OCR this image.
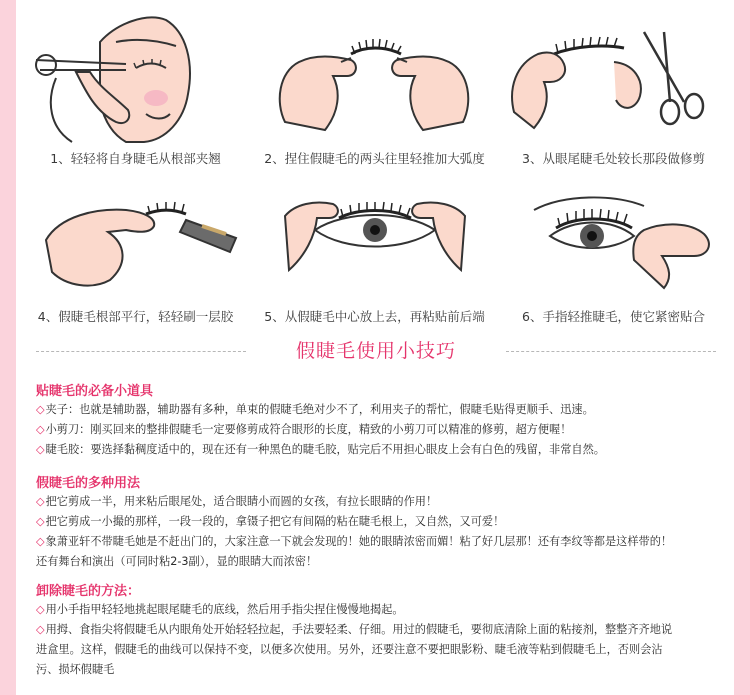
1、轻轻将自身睫毛从根部夹翘	2、捏住假睫毛的两头往里轻推加大弧度	3、从眼尾睫毛处较长那段做修剪
4、假睫毛根部平行，轻轻刷一层胶	5、从假睫毛中心放上去，再粘贴前后端	6、手指轻推睫毛，使它紧密贴合
假睫毛使用小技巧
贴睫毛的必备小道具
◇夹子：也就是辅助器，辅助器有多种，单束的假睫毛绝对少不了，利用夹子的帮忙，假睫毛贴得更顺手、迅速。
◇小剪刀：刚买回来的整排假睫毛一定要修剪成符合眼形的长度，精致的小剪刀可以精准的修剪，超方便喔！
◇睫毛胶：要选择黏稠度适中的，现在还有一种黑色的睫毛胶，贴完后不用担心眼皮上会有白色的残留，非常自然。
假睫毛的多种用法
◇把它剪成一半，用来粘后眼尾处，适合眼睛小而圆的女孩，有拉长眼睛的作用！
◇把它剪成一小撮的那样，一段一段的，拿镊子把它有间隔的粘在睫毛根上，又自然，又可爱！
◇象萧亚轩不带睫毛她是不赶出门的，大家注意一下就会发现的！她的眼睛浓密而媚！粘了好几层那！还有李纹等都是这样带的！
还有舞台和演出（可同时粘2-3副），显的眼睛大而浓密！
卸除睫毛的方法：
◇用小手指甲轻轻地挑起眼尾睫毛的底线，然后用手指尖捏住慢慢地揭起。
◇用拇、食指尖将假睫毛从内眼角处开始轻轻拉起，手法要轻柔、仔细。用过的假睫毛，要彻底清除上面的粘接剂，整整齐齐地说
进盒里。这样，假睫毛的曲线可以保持不变，以便多次使用。另外，还要注意不要把眼影粉、睫毛液等粘到假睫毛上，否则会沾
污、损坏假睫毛
